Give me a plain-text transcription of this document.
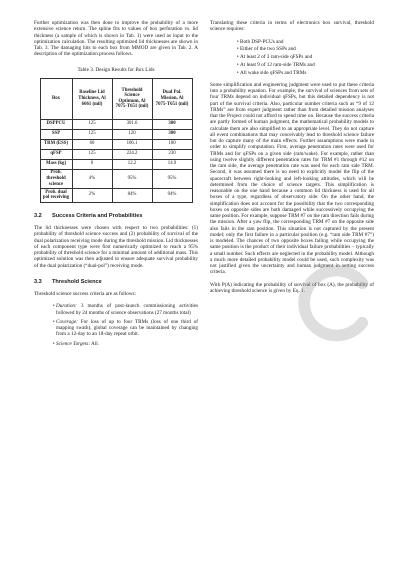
Further optimization was then done to improve the probability of a more extensive science return. The spline fits to values of box perforation vs. lid thickness (a sample of which is shown in Tab. 1) were used as input to the optimization calculation. The resulting optimized lid thicknesses are shown in Tab. 3. The damaging hits to each box from MMOD are given in Tab. 2. A description of the optimization process follows.

Table 3. Design Results for Box Lids
Box	Baseline Lid Thickness, Al 6061 (mil)	Threshold Science Optimum, Al 7075-T651 (mil)	Dual Pol. Mission, Al 7075-T651 (mil)
DSPPCU	125	301.6	300
SSP	125	120	300
TRM (ESS)	60	106.1	100
qFSP	125	224.2	230
Mass (kg)	0	12.2	14.9
Prob. threshold science	4%	95%	95%
Prob. dual pol receiving	2%	84%	94%
3.2 Success Criteria and Probabilities

The lid thicknesses were chosen with respect to two probabilities: (1) probability of threshold science success and (2) probability of survival of the dual polarization receiving mode during the threshold mission. Lid thicknesses of each component type were first numerically optimized to reach a 95% probability of threshold science for a minimal amount of additional mass. This optimized solution was then adjusted to ensure adequate survival probability of the dual polarization (“dual-pol”) receiving mode.

3.3 Threshold Science

Threshold science success criteria are as follows:

• Duration: 3 months of post-launch commissioning activities followed by 24 months of science observations (27 months total)
• Coverage: For loss of up to four TRMs (loss of one third of mapping swath), global coverage can be maintained by changing from a 12-day to an 18-day repeat orbit.
• Science Targets: All.

Translating these criteria in terms of electronics box survival, threshold science requires:

• Both DSP-PCUs and
• Either of the two SSPs and
• At least 2 of 3 ram-side qFSPs and
• At least 9 of 12 ram-side TRMs and
• All wake side qFSPs and TRMs

Some simplification and engineering judgment were used to put these criteria into a probability equation. For example, the survival of sciences from sets of four TRMs depend on individual qFSPs, but this detailed dependency is not part of the survival criteria. Also, particular number criteria such as “9 of 12 TRMs” are from expert judgment rather than from detailed mission analyses that the Project could not afford to spend time on. Because the success criteria are partly formed of human judgment, the mathematical probability models to calculate them are also simplified to an appropriate level. They do not capture all event combinations that may conceivably lead to threshold science failure but do capture many of the main effects. Further assumptions were made in order to simplify computation. First, average penetration rates were used for TRMs and for qFSPs on a given side (ram/wake). For example, rather than using twelve slightly different penetration rates for TRM #1 through #12 on the ram side, the average penetration rate was used for each ram side TRM. Second, it was assumed there is no need to explicitly model the flip of the spacecraft between right-looking and left-looking attitudes, which will be determined from the choice of science targets. This simplification is reasonable on the one hand because a common lid thickness is used for all boxes of a type, regardless of observatory side. On the other hand, the simplification does not account for the possibility that the two corresponding boxes on opposite sides are both damaged while successively occupying the same position. For example, suppose TRM #7 on the ram direction fails during the mission. After a yaw flip, the corresponding TRM #7 on the opposite side also fails in the ram position. This situation is not captured by the present model; only the first failure in a particular position (e.g. “ram side TRM #7”) is modeled. The chances of two opposite boxes failing while occupying the same position is the product of their individual failure probabilities – typically a small number. Such effects are neglected in the probability model. Although a much more detailed probability model could be used, such complexity was not justified given the uncertainty and human judgment in setting success criteria.

With P(A) indicating the probability of survival of box (A), the probability of achieving threshold science is given by Eq. 1.
